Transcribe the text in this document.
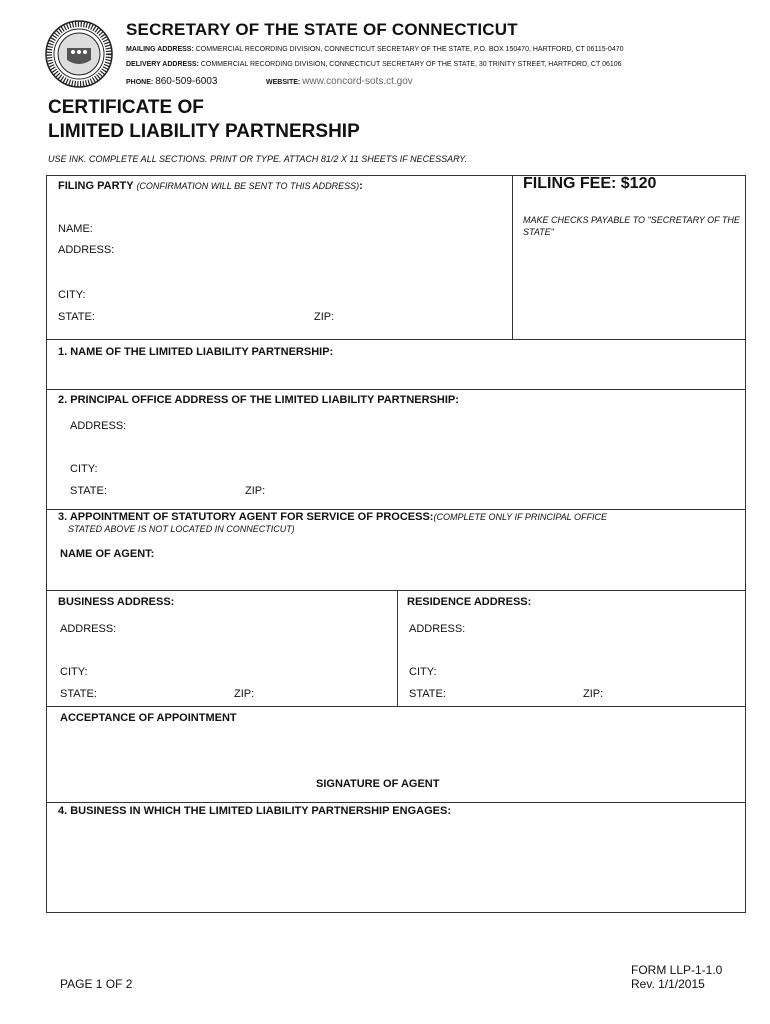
SECRETARY OF THE STATE OF CONNECTICUT
MAILING ADDRESS: COMMERCIAL RECORDING DIVISION, CONNECTICUT SECRETARY OF THE STATE, P.O. BOX 150470, HARTFORD, CT 06115-0470
DELIVERY ADDRESS: COMMERCIAL RECORDING DIVISION, CONNECTICUT SECRETARY OF THE STATE, 30 TRINITY STREET, HARTFORD, CT 06106
PHONE: 860-509-6003	WEBSITE: www.concord-sots.ct.gov
CERTIFICATE OF
LIMITED LIABILITY PARTNERSHIP
USE INK. COMPLETE ALL SECTIONS. PRINT OR TYPE. ATTACH 81/2 X 11 SHEETS IF NECESSARY.
FILING PARTY (CONFIRMATION WILL BE SENT TO THIS ADDRESS):
NAME:
ADDRESS:
CITY:
STATE:	ZIP:
FILING FEE: $120
MAKE CHECKS PAYABLE TO "SECRETARY OF THE STATE"
1. NAME OF THE LIMITED LIABILITY PARTNERSHIP:
2. PRINCIPAL OFFICE ADDRESS OF THE LIMITED LIABILITY PARTNERSHIP:
ADDRESS:
CITY:
STATE:	ZIP:
3. APPOINTMENT OF STATUTORY AGENT FOR SERVICE OF PROCESS:(COMPLETE ONLY IF PRINCIPAL OFFICE
STATED ABOVE IS NOT LOCATED IN CONNECTICUT)
NAME OF AGENT:
BUSINESS ADDRESS:	RESIDENCE ADDRESS:
ADDRESS:
CITY:
STATE:	ZIP:
ADDRESS:
CITY:
STATE:	ZIP:
ACCEPTANCE OF APPOINTMENT
SIGNATURE OF AGENT
4. BUSINESS IN WHICH THE LIMITED LIABILITY PARTNERSHIP ENGAGES:
PAGE 1 OF 2
FORM LLP-1-1.0
Rev. 1/1/2015
